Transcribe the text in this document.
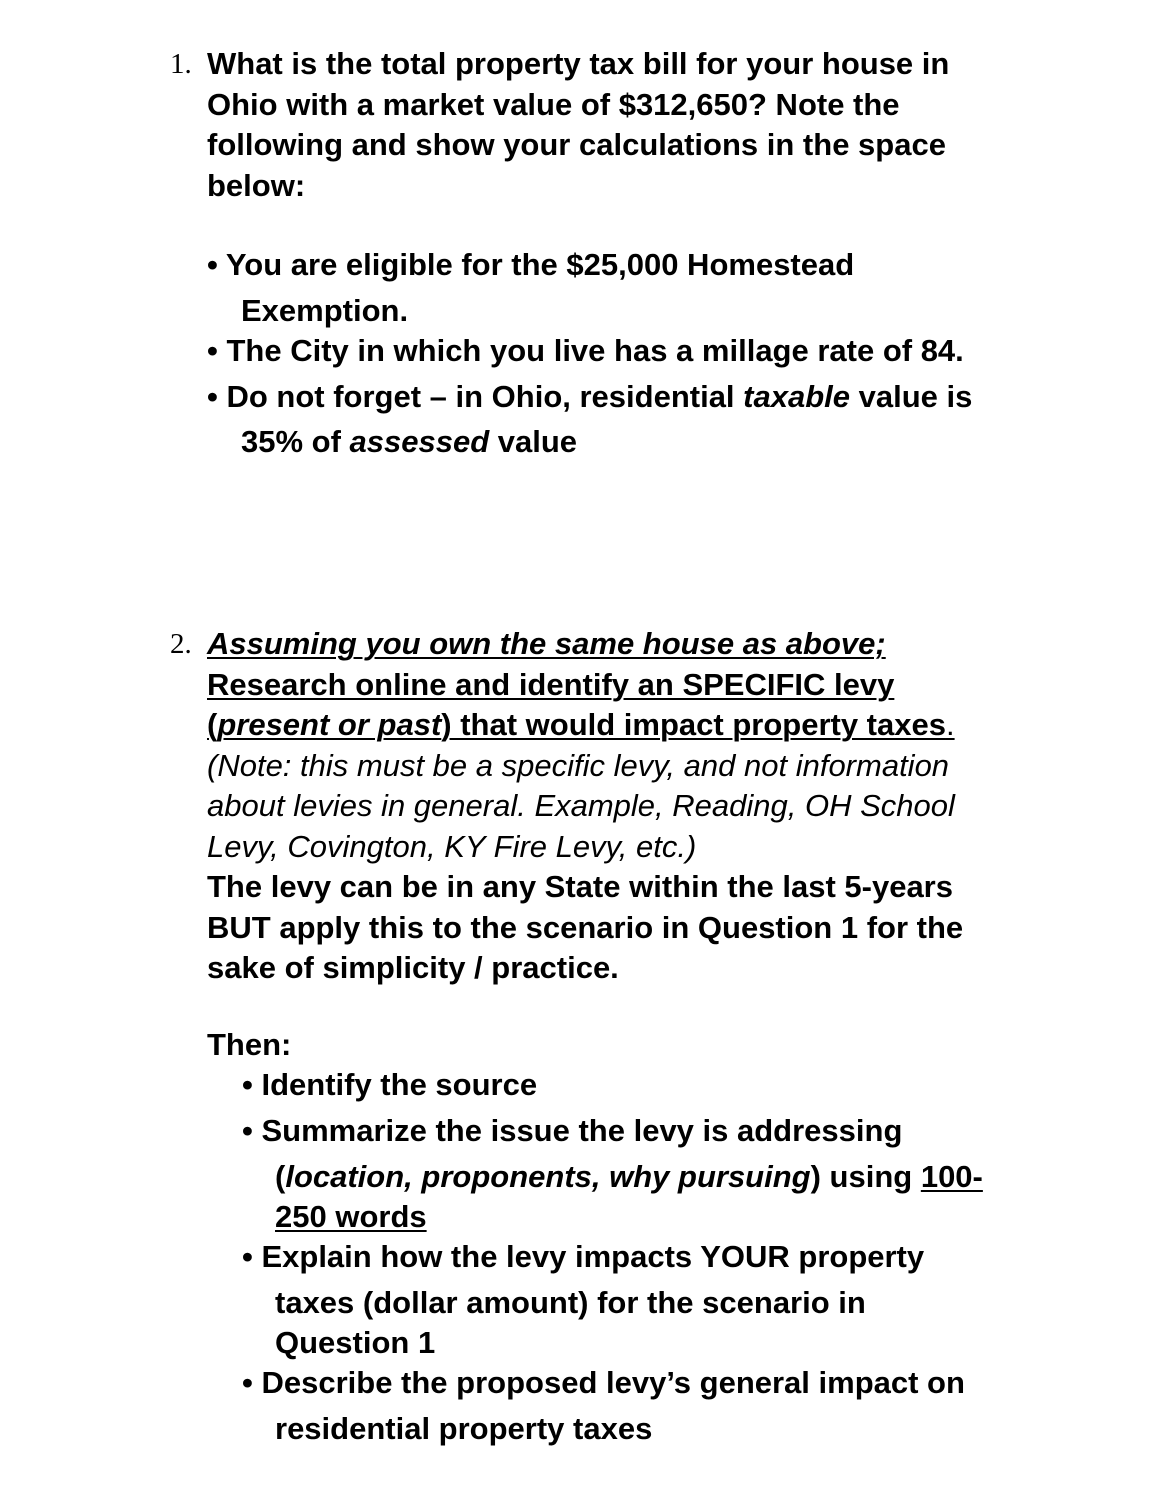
1. What is the total property tax bill for your house in
Ohio with a market value of $312,650? Note the
following and show your calculations in the space
below:
• You are eligible for the $25,000 Homestead
Exemption.
• The City in which you live has a millage rate of 84.
• Do not forget – in Ohio, residential taxable value is
35% of assessed value
2. Assuming you own the same house as above;
Research online and identify an SPECIFIC levy
(present or past) that would impact property taxes.
(Note: this must be a specific levy, and not information
about levies in general. Example, Reading, OH School
Levy, Covington, KY Fire Levy, etc.)
The levy can be in any State within the last 5-years
BUT apply this to the scenario in Question 1 for the
sake of simplicity / practice.
Then:
• Identify the source
• Summarize the issue the levy is addressing
(location, proponents, why pursuing) using 100-
250 words
• Explain how the levy impacts YOUR property
taxes (dollar amount) for the scenario in
Question 1
• Describe the proposed levy’s general impact on
residential property taxes
